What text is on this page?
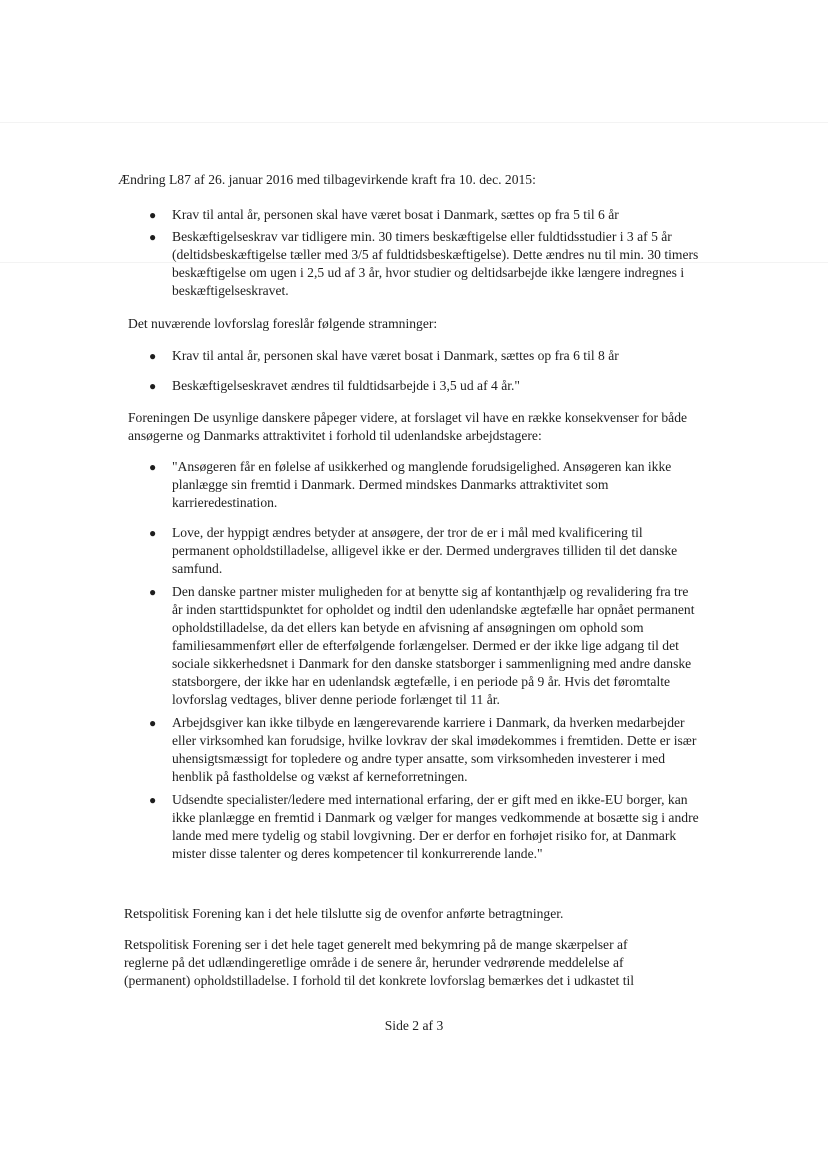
Ændring L87 af 26. januar 2016 med tilbagevirkende kraft fra 10. dec. 2015:

● Krav til antal år, personen skal have været bosat i Danmark, sættes op fra 5 til 6 år
● Beskæftigelseskrav var tidligere min. 30 timers beskæftigelse eller fuldtidsstudier i 3 af 5 år (deltidsbeskæftigelse tæller med 3/5 af fuldtidsbeskæftigelse). Dette ændres nu til min. 30 timers beskæftigelse om ugen i 2,5 ud af 3 år, hvor studier og deltidsarbejde ikke længere indregnes i beskæftigelseskravet.

Det nuværende lovforslag foreslår følgende stramninger:

● Krav til antal år, personen skal have været bosat i Danmark, sættes op fra 6 til 8 år
● Beskæftigelseskravet ændres til fuldtidsarbejde i 3,5 ud af 4 år."

Foreningen De usynlige danskere påpeger videre, at forslaget vil have en række konsekvenser for både ansøgerne og Danmarks attraktivitet i forhold til udenlandske arbejdstagere:

● "Ansøgeren får en følelse af usikkerhed og manglende forudsigelighed. Ansøgeren kan ikke planlægge sin fremtid i Danmark. Dermed mindskes Danmarks attraktivitet som karrieredestination.
● Love, der hyppigt ændres betyder at ansøgere, der tror de er i mål med kvalificering til permanent opholdstilladelse, alligevel ikke er der. Dermed undergraves tilliden til det danske samfund.
● Den danske partner mister muligheden for at benytte sig af kontanthjælp og revalidering fra tre år inden starttidspunktet for opholdet og indtil den udenlandske ægtefælle har opnået permanent opholdstilladelse, da det ellers kan betyde en afvisning af ansøgningen om ophold som familiesammenført eller de efterfølgende forlængelser. Dermed er der ikke lige adgang til det sociale sikkerhedsnet i Danmark for den danske statsborger i sammenligning med andre danske statsborgere, der ikke har en udenlandsk ægtefælle, i en periode på 9 år. Hvis det føromtalte lovforslag vedtages, bliver denne periode forlænget til 11 år.
● Arbejdsgiver kan ikke tilbyde en længerevarende karriere i Danmark, da hverken medarbejder eller virksomhed kan forudsige, hvilke lovkrav der skal imødekommes i fremtiden. Dette er især uhensigtsmæssigt for topledere og andre typer ansatte, som virksomheden investerer i med henblik på fastholdelse og vækst af kerneforretningen.
● Udsendte specialister/ledere med international erfaring, der er gift med en ikke-EU borger, kan ikke planlægge en fremtid i Danmark og vælger for manges vedkommende at bosætte sig i andre lande med mere tydelig og stabil lovgivning. Der er derfor en forhøjet risiko for, at Danmark mister disse talenter og deres kompetencer til konkurrerende lande."

Retspolitisk Forening kan i det hele tilslutte sig de ovenfor anførte betragtninger.

Retspolitisk Forening ser i det hele taget generelt med bekymring på de mange skærpelser af reglerne på det udlændingeretlige område i de senere år, herunder vedrørende meddelelse af (permanent) opholdstilladelse. I forhold til det konkrete lovforslag bemærkes det i udkastet til

Side 2 af 3
